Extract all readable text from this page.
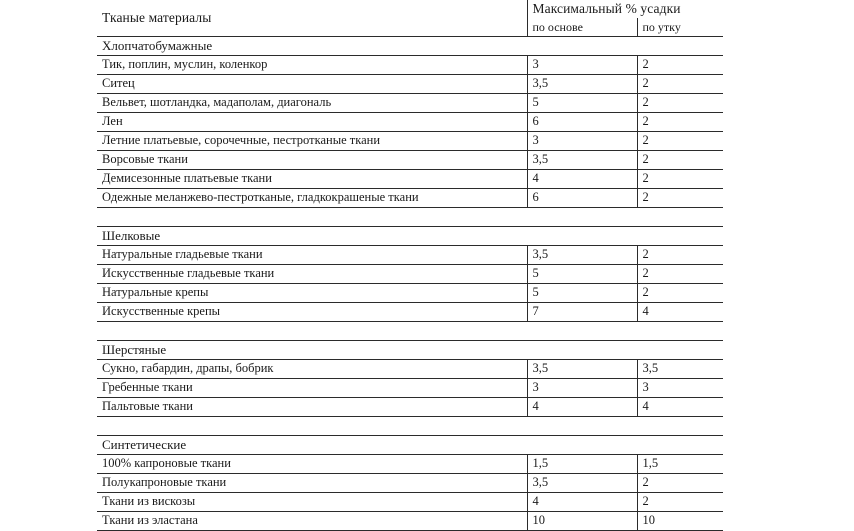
Тканые материалы	Максимальный % усадки	
	по основе	по утку
Хлопчатобумажные		
Тик, поплин, муслин, коленкор	3	2
Ситец	3,5	2
Вельвет, шотландка, мадаполам, диагональ	5	2
Лен	6	2
Летние платьевые, сорочечные, пестротканые ткани	3	2
Ворсовые ткани	3,5	2
Демисезонные платьевые ткани	4	2
Одежные меланжево-пестротканые, гладкокрашеные ткани	6	2

Шелковые		
Натуральные гладьевые ткани	3,5	2
Искусственные гладьевые ткани	5	2
Натуральные крепы	5	2
Искусственные крепы	7	4

Шерстяные		
Сукно, габардин, драпы, бобрик	3,5	3,5
Гребенные ткани	3	3
Пальтовые ткани	4	4

Синтетические		
100% капроновые ткани	1,5	1,5
Полукапроновые ткани	3,5	2
Ткани из вискозы	4	2
Ткани из эластана	10	10
